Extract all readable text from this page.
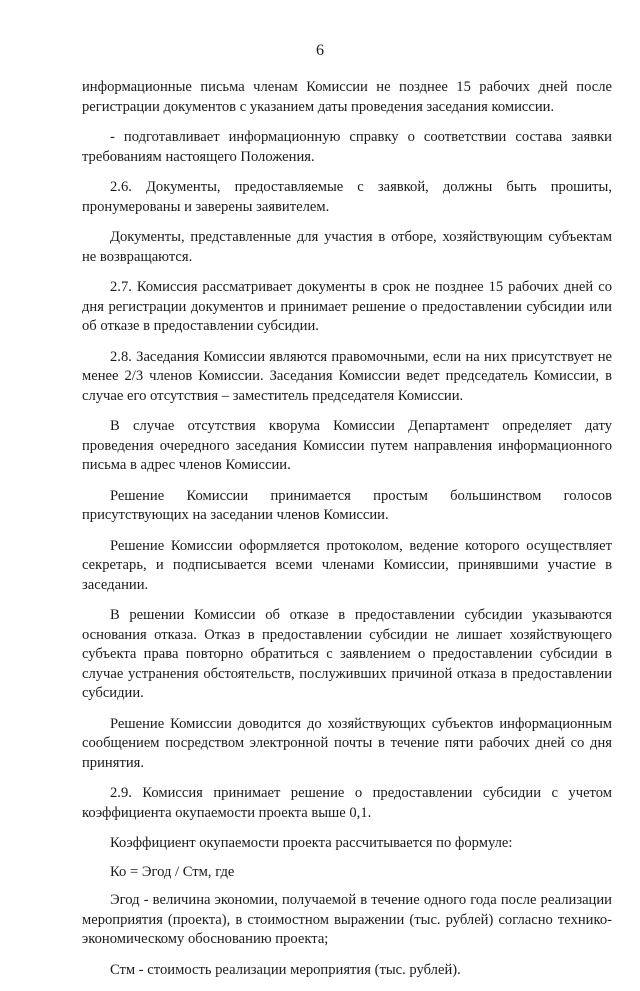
6

информационные письма членам Комиссии не позднее 15 рабочих дней после регистрации документов с указанием даты проведения заседания комиссии.

- подготавливает информационную справку о соответствии состава заявки требованиям настоящего Положения.

2.6. Документы, предоставляемые с заявкой, должны быть прошиты, пронумерованы и заверены заявителем.

Документы, представленные для участия в отборе, хозяйствующим субъектам не возвращаются.

2.7. Комиссия рассматривает документы в срок не позднее 15 рабочих дней со дня регистрации документов и принимает решение о предоставлении субсидии или об отказе в предоставлении субсидии.

2.8. Заседания Комиссии являются правомочными, если на них присутствует не менее 2/3 членов Комиссии. Заседания Комиссии ведет председатель Комиссии, в случае его отсутствия – заместитель председателя Комиссии.

В случае отсутствия кворума Комиссии Департамент определяет дату проведения очередного заседания Комиссии путем направления информационного письма в адрес членов Комиссии.

Решение Комиссии принимается простым большинством голосов присутствующих на заседании членов Комиссии.

Решение Комиссии оформляется протоколом, ведение которого осуществляет секретарь, и подписывается всеми членами Комиссии, принявшими участие в заседании.

В решении Комиссии об отказе в предоставлении субсидии указываются основания отказа. Отказ в предоставлении субсидии не лишает хозяйствующего субъекта права повторно обратиться с заявлением о предоставлении субсидии в случае устранения обстоятельств, послуживших причиной отказа в предоставлении субсидии.

Решение Комиссии доводится до хозяйствующих субъектов информационным сообщением посредством электронной почты в течение пяти рабочих дней со дня принятия.

2.9. Комиссия принимает решение о предоставлении субсидии с учетом коэффициента окупаемости проекта выше 0,1.

Коэффициент окупаемости проекта рассчитывается по формуле:

Ко = Эгод / Стм, где

Эгод - величина экономии, получаемой в течение одного года после реализации мероприятия (проекта), в стоимостном выражении (тыс. рублей) согласно технико-экономическому обоснованию проекта;

Стм - стоимость реализации мероприятия (тыс. рублей).
